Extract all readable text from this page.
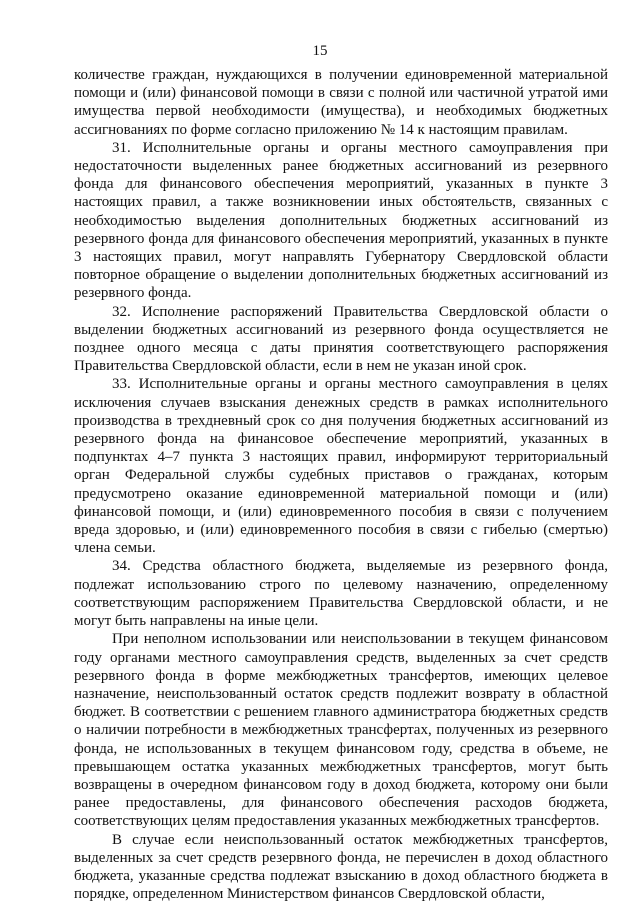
15

количестве граждан, нуждающихся в получении единовременной материальной помощи и (или) финансовой помощи в связи с полной или частичной утратой ими имущества первой необходимости (имущества), и необходимых бюджетных ассигнованиях по форме согласно приложению № 14 к настоящим правилам.

31. Исполнительные органы и органы местного самоуправления при недостаточности выделенных ранее бюджетных ассигнований из резервного фонда для финансового обеспечения мероприятий, указанных в пункте 3 настоящих правил, а также возникновении иных обстоятельств, связанных с необходимостью выделения дополнительных бюджетных ассигнований из резервного фонда для финансового обеспечения мероприятий, указанных в пункте 3 настоящих правил, могут направлять Губернатору Свердловской области повторное обращение о выделении дополнительных бюджетных ассигнований из резервного фонда.

32. Исполнение распоряжений Правительства Свердловской области о выделении бюджетных ассигнований из резервного фонда осуществляется не позднее одного месяца с даты принятия соответствующего распоряжения Правительства Свердловской области, если в нем не указан иной срок.

33. Исполнительные органы и органы местного самоуправления в целях исключения случаев взыскания денежных средств в рамках исполнительного производства в трехдневный срок со дня получения бюджетных ассигнований из резервного фонда на финансовое обеспечение мероприятий, указанных в подпунктах 4–7 пункта 3 настоящих правил, информируют территориальный орган Федеральной службы судебных приставов о гражданах, которым предусмотрено оказание единовременной материальной помощи и (или) финансовой помощи, и (или) единовременного пособия в связи с получением вреда здоровью, и (или) единовременного пособия в связи с гибелью (смертью) члена семьи.

34. Средства областного бюджета, выделяемые из резервного фонда, подлежат использованию строго по целевому назначению, определенному соответствующим распоряжением Правительства Свердловской области, и не могут быть направлены на иные цели.

При неполном использовании или неиспользовании в текущем финансовом году органами местного самоуправления средств, выделенных за счет средств резервного фонда в форме межбюджетных трансфертов, имеющих целевое назначение, неиспользованный остаток средств подлежит возврату в областной бюджет. В соответствии с решением главного администратора бюджетных средств о наличии потребности в межбюджетных трансфертах, полученных из резервного фонда, не использованных в текущем финансовом году, средства в объеме, не превышающем остатка указанных межбюджетных трансфертов, могут быть возвращены в очередном финансовом году в доход бюджета, которому они были ранее предоставлены, для финансового обеспечения расходов бюджета, соответствующих целям предоставления указанных межбюджетных трансфертов.

В случае если неиспользованный остаток межбюджетных трансфертов, выделенных за счет средств резервного фонда, не перечислен в доход областного бюджета, указанные средства подлежат взысканию в доход областного бюджета в порядке, определенном Министерством финансов Свердловской области,
